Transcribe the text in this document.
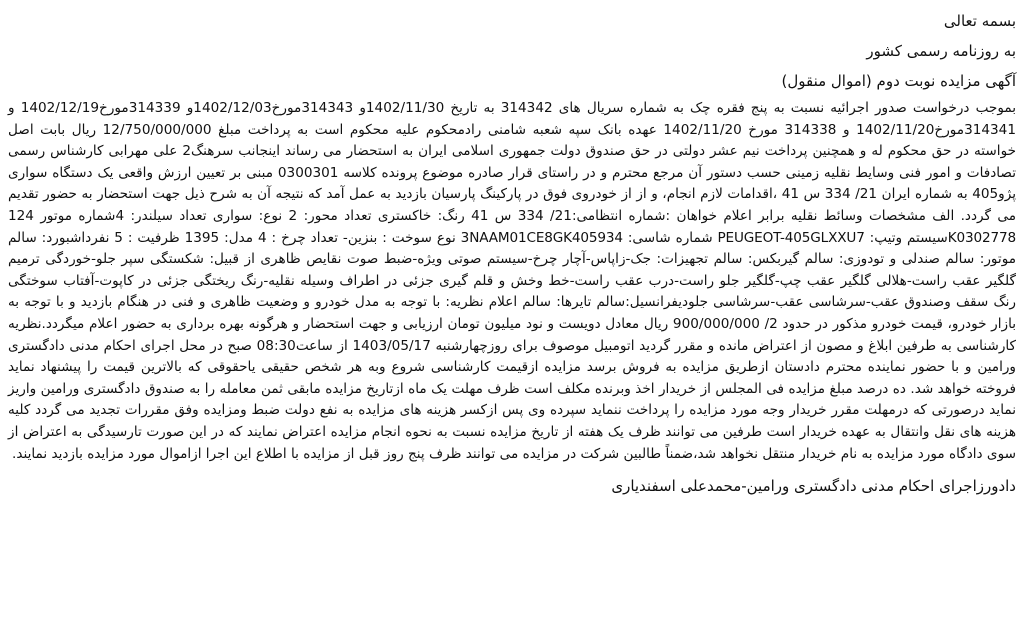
بسمه تعالی
به روزنامه رسمی کشور
آگهی مزایده نوبت دوم (اموال منقول)
بموجب درخواست صدور اجرائیه نسبت به پنج فقره چک به شماره سریال های 314342 به تاریخ 1402/11/30و 314343مورخ1402/12/03و 314339مورخ1402/12/19 و 314341مورخ1402/11/20 و 314338 مورخ 1402/11/20 عهده بانک سپه شعبه شامنی رادمحکوم علیه محکوم است به پرداخت مبلغ 12/750/000/000 ریال بابت اصل خواسته در حق محکوم له و همچنین پرداخت نیم عشر دولتی در حق صندوق دولت جمهوری اسلامی ایران به استحضار می رساند اینجانب سرهنگ2 علی مهرابی کارشناس رسمی تصادفات و امور فنی وسایط نقلیه زمینی حسب دستور آن مرجع محترم و در راستای قرار صادره موضوع پرونده کلاسه 0300301 مبنی بر تعیین ارزش واقعی یک دستگاه سواری پژو405 به شماره ایران 21/ 334 س 41 ،اقدامات لازم انجام، و از از خودروی فوق در پارکینگ پارسیان بازدید به عمل آمد که نتیجه آن به شرح ذیل جهت استحضار به حضور تقدیم می گردد. الف مشخصات وسائط نقلیه برابر اعلام خواهان :شماره انتظامی:21/ 334 س 41 رنگ: خاکستری تعداد محور: 2 نوع: سواری تعداد سیلندر: 4شماره موتور 124 K0302778سیستم وتیپ: PEUGEOT-405GLXXU7 شماره شاسی: 3NAAM01CE8GK405934 نوع سوخت : بنزین- تعداد چرخ : 4 مدل: 1395 ظرفیت : 5 نفرداشبورد: سالم موتور: سالم صندلی و تودوزی: سالم گیربکس: سالم تجهیزات: جک-زاپاس-آچار چرخ-سیستم صوتی ویژه-ضبط صوت نقایص ظاهری از قبیل: شکستگی سپر جلو-خوردگی ترمیم گلگیر عقب راست-هلالی گلگیر عقب چپ-گلگیر جلو راست-درب عقب راست-خط وخش و قلم گیری جزئی در اطراف وسیله نقلیه-رنگ ریختگی جزئی در کاپوت-آفتاب سوختگی رنگ سقف وصندوق عقب-سرشاسی عقب-سرشاسی جلودیفرانسیل:سالم تایرها: سالم اعلام نظریه: با توجه به مدل خودرو و وضعیت ظاهری و فنی در هنگام بازدید و با توجه به بازار خودرو، قیمت خودرو مذکور در حدود 2/ 900/000/000 ریال معادل دویست و نود میلیون تومان ارزیابی و جهت استحضار و هرگونه بهره برداری به حضور اعلام میگردد.نظریه کارشناسی به طرفین ابلاغ و مصون از اعتراض مانده و مقرر گردید اتومبیل موصوف برای روزچهارشنبه 1403/05/17 از ساعت08:30 صبح در محل اجرای احکام مدنی دادگستری ورامین و با حضور نماینده محترم دادستان ازطریق مزایده به فروش برسد مزایده ازقیمت کارشناسی شروع وبه هر شخص حقیقی یاحقوقی که بالاترین قیمت را پیشنهاد نماید فروخته خواهد شد. ده درصد مبلغ مزایده فی المجلس از خریدار اخذ وبرنده مکلف است ظرف مهلت یک ماه ازتاریخ مزایده مابقی ثمن معامله را به صندوق دادگستری ورامین واریز نماید درصورتی که درمهلت مقرر خریدار وجه مورد مزایده را پرداخت ننماید سپرده وی پس ازکسر هزینه های مزایده به نفع دولت ضبط ومزایده وفق مقررات تجدید می گردد کلیه هزینه های نقل وانتقال به عهده خریدار است طرفین می توانند ظرف یک هفته از تاریخ مزایده نسبت به نحوه انجام مزایده اعتراض نمایند که در این صورت تارسیدگی به اعتراض از سوی دادگاه مورد مزایده به نام خریدار منتقل نخواهد شد،ضمناً طالبین شرکت در مزایده می توانند ظرف پنج روز قبل از مزایده با اطلاع این اجرا ازاموال مورد مزایده بازدید نمایند.
دادورزاجرای احکام مدنی دادگستری ورامین-محمدعلی اسفندیاری
